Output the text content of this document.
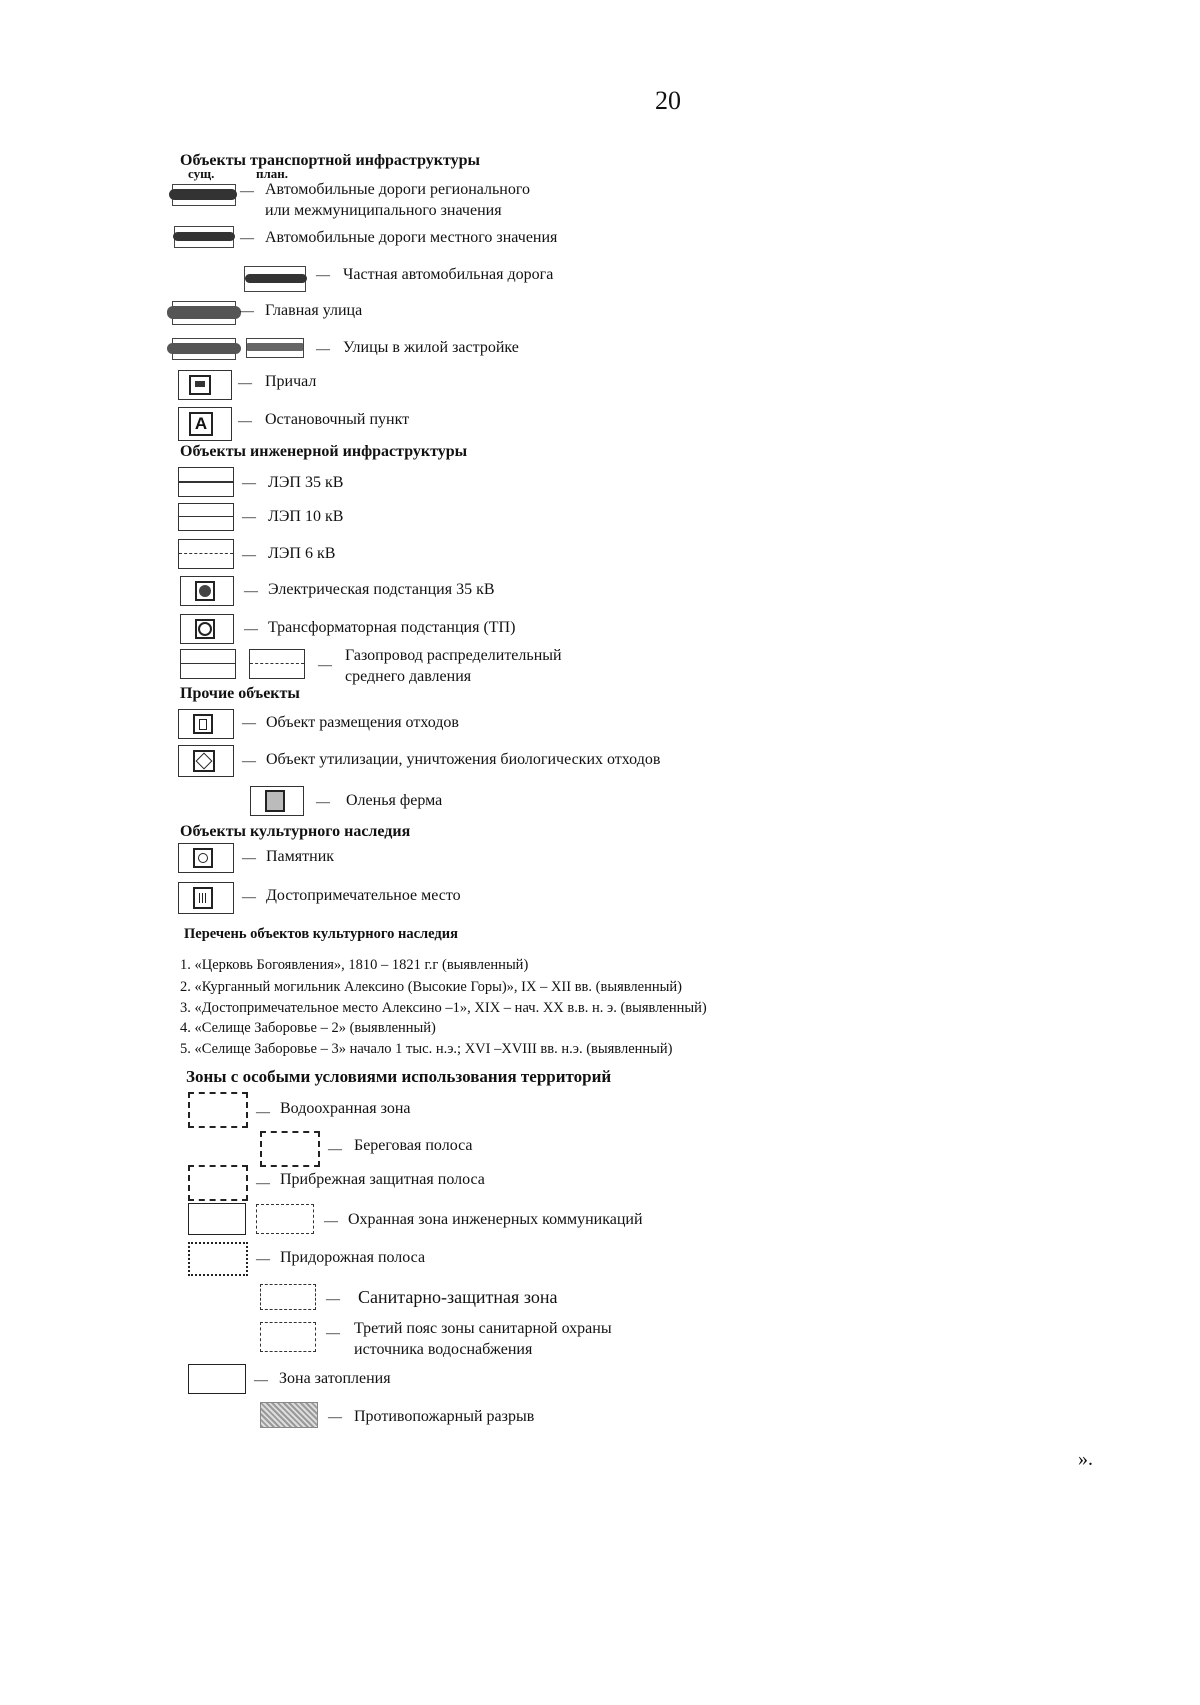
20
Объекты транспортной инфраструктуры
сущ.	план.
— Автомобильные дороги регионального
или межмуниципального значения
— Автомобильные дороги местного значения
— Частная автомобильная дорога
— Главная улица
— Улицы в жилой застройке
— Причал
A	— Остановочный пункт
Объекты инженерной инфраструктуры
— ЛЭП 35 кВ
— ЛЭП 10 кВ
— ЛЭП 6 кВ
— Электрическая подстанция 35 кВ
— Трансформаторная подстанция (ТП)
—
Газопровод распределительный
среднего давления
Прочие объекты
— Объект размещения отходов
— Объект утилизации, уничтожения биологических отходов
— Оленья ферма
Объекты культурного наследия
— Памятник
— Достопримечательное место
Перечень объектов культурного наследия
1. «Церковь Богоявления», 1810 – 1821 г.г (выявленный)
2. «Курганный могильник Алексино (Высокие Горы)», IX – XII вв. (выявленный)
3. «Достопримечательное место Алексино –1», XIX – нач. XX в.в. н. э. (выявленный)
4. «Селище Заборовье – 2» (выявленный)
5. «Селище Заборовье – 3» начало 1 тыс. н.э.; XVI –XVIII вв. н.э. (выявленный)
Зоны с особыми условиями использования территорий
— Водоохранная зона
— Береговая полоса
— Прибрежная защитная полоса
— Охранная зона инженерных коммуникаций
— Придорожная полоса
— Санитарно-защитная зона
— Третий пояс зоны санитарной охраны
источника водоснабжения
— Зона затопления
— Противопожарный разрыв
».
